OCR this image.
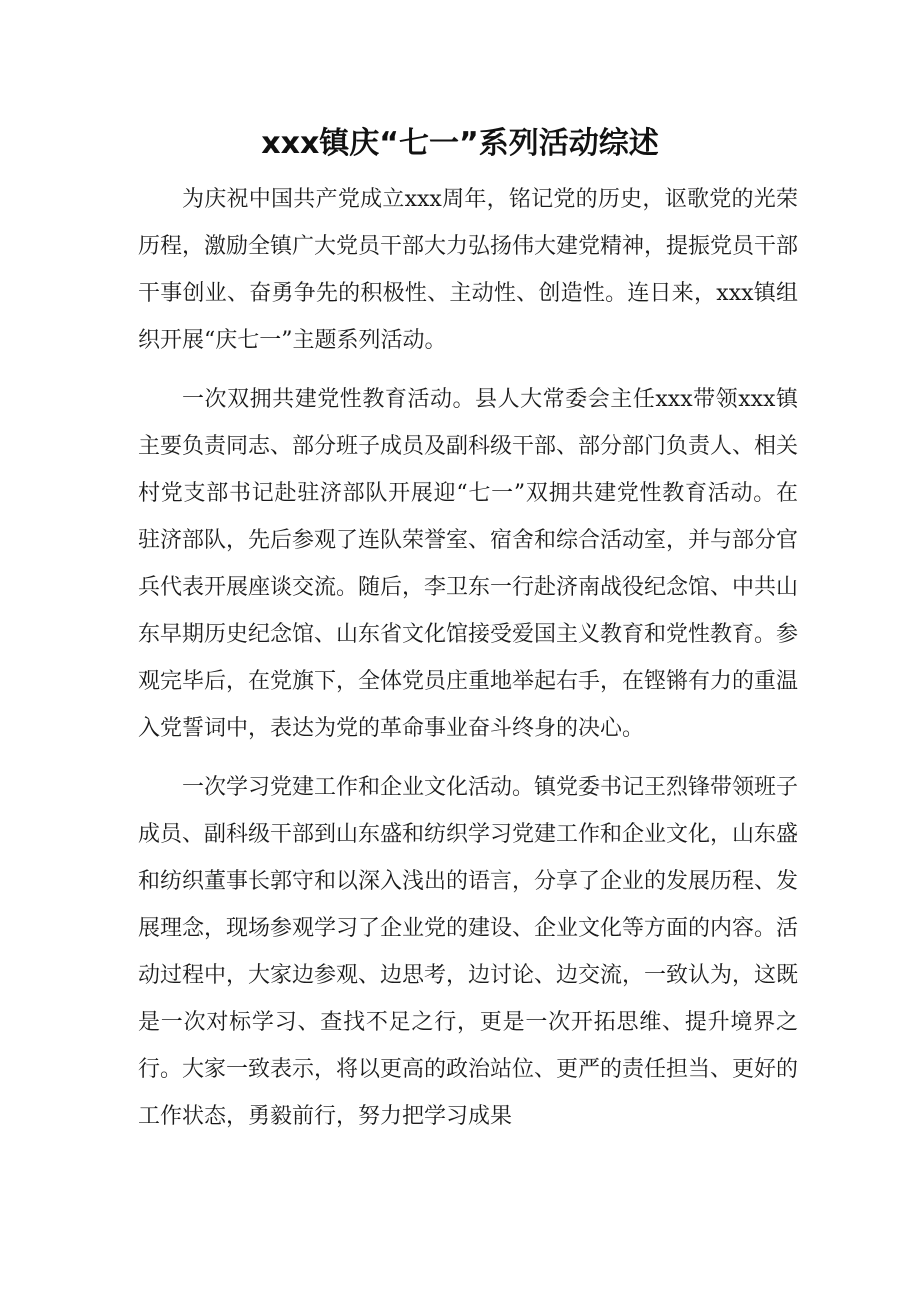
xxx镇庆“七一”系列活动综述

为庆祝中国共产党成立xxx周年，铭记党的历史，讴歌党的光荣历程，激励全镇广大党员干部大力弘扬伟大建党精神，提振党员干部干事创业、奋勇争先的积极性、主动性、创造性。连日来，xxx镇组织开展“庆七一”主题系列活动。

一次双拥共建党性教育活动。县人大常委会主任xxx带领xxx镇主要负责同志、部分班子成员及副科级干部、部分部门负责人、相关村党支部书记赴驻济部队开展迎“七一”双拥共建党性教育活动。在驻济部队，先后参观了连队荣誉室、宿舍和综合活动室，并与部分官兵代表开展座谈交流。随后，李卫东一行赴济南战役纪念馆、中共山东早期历史纪念馆、山东省文化馆接受爱国主义教育和党性教育。参观完毕后，在党旗下，全体党员庄重地举起右手，在铿锵有力的重温入党誓词中，表达为党的革命事业奋斗终身的决心。

一次学习党建工作和企业文化活动。镇党委书记王烈锋带领班子成员、副科级干部到山东盛和纺织学习党建工作和企业文化，山东盛和纺织董事长郭守和以深入浅出的语言，分享了企业的发展历程、发展理念，现场参观学习了企业党的建设、企业文化等方面的内容。活动过程中，大家边参观、边思考，边讨论、边交流，一致认为，这既是一次对标学习、查找不足之行，更是一次开拓思维、提升境界之行。大家一致表示，将以更高的政治站位、更严的责任担当、更好的工作状态，勇毅前行，努力把学习成果
